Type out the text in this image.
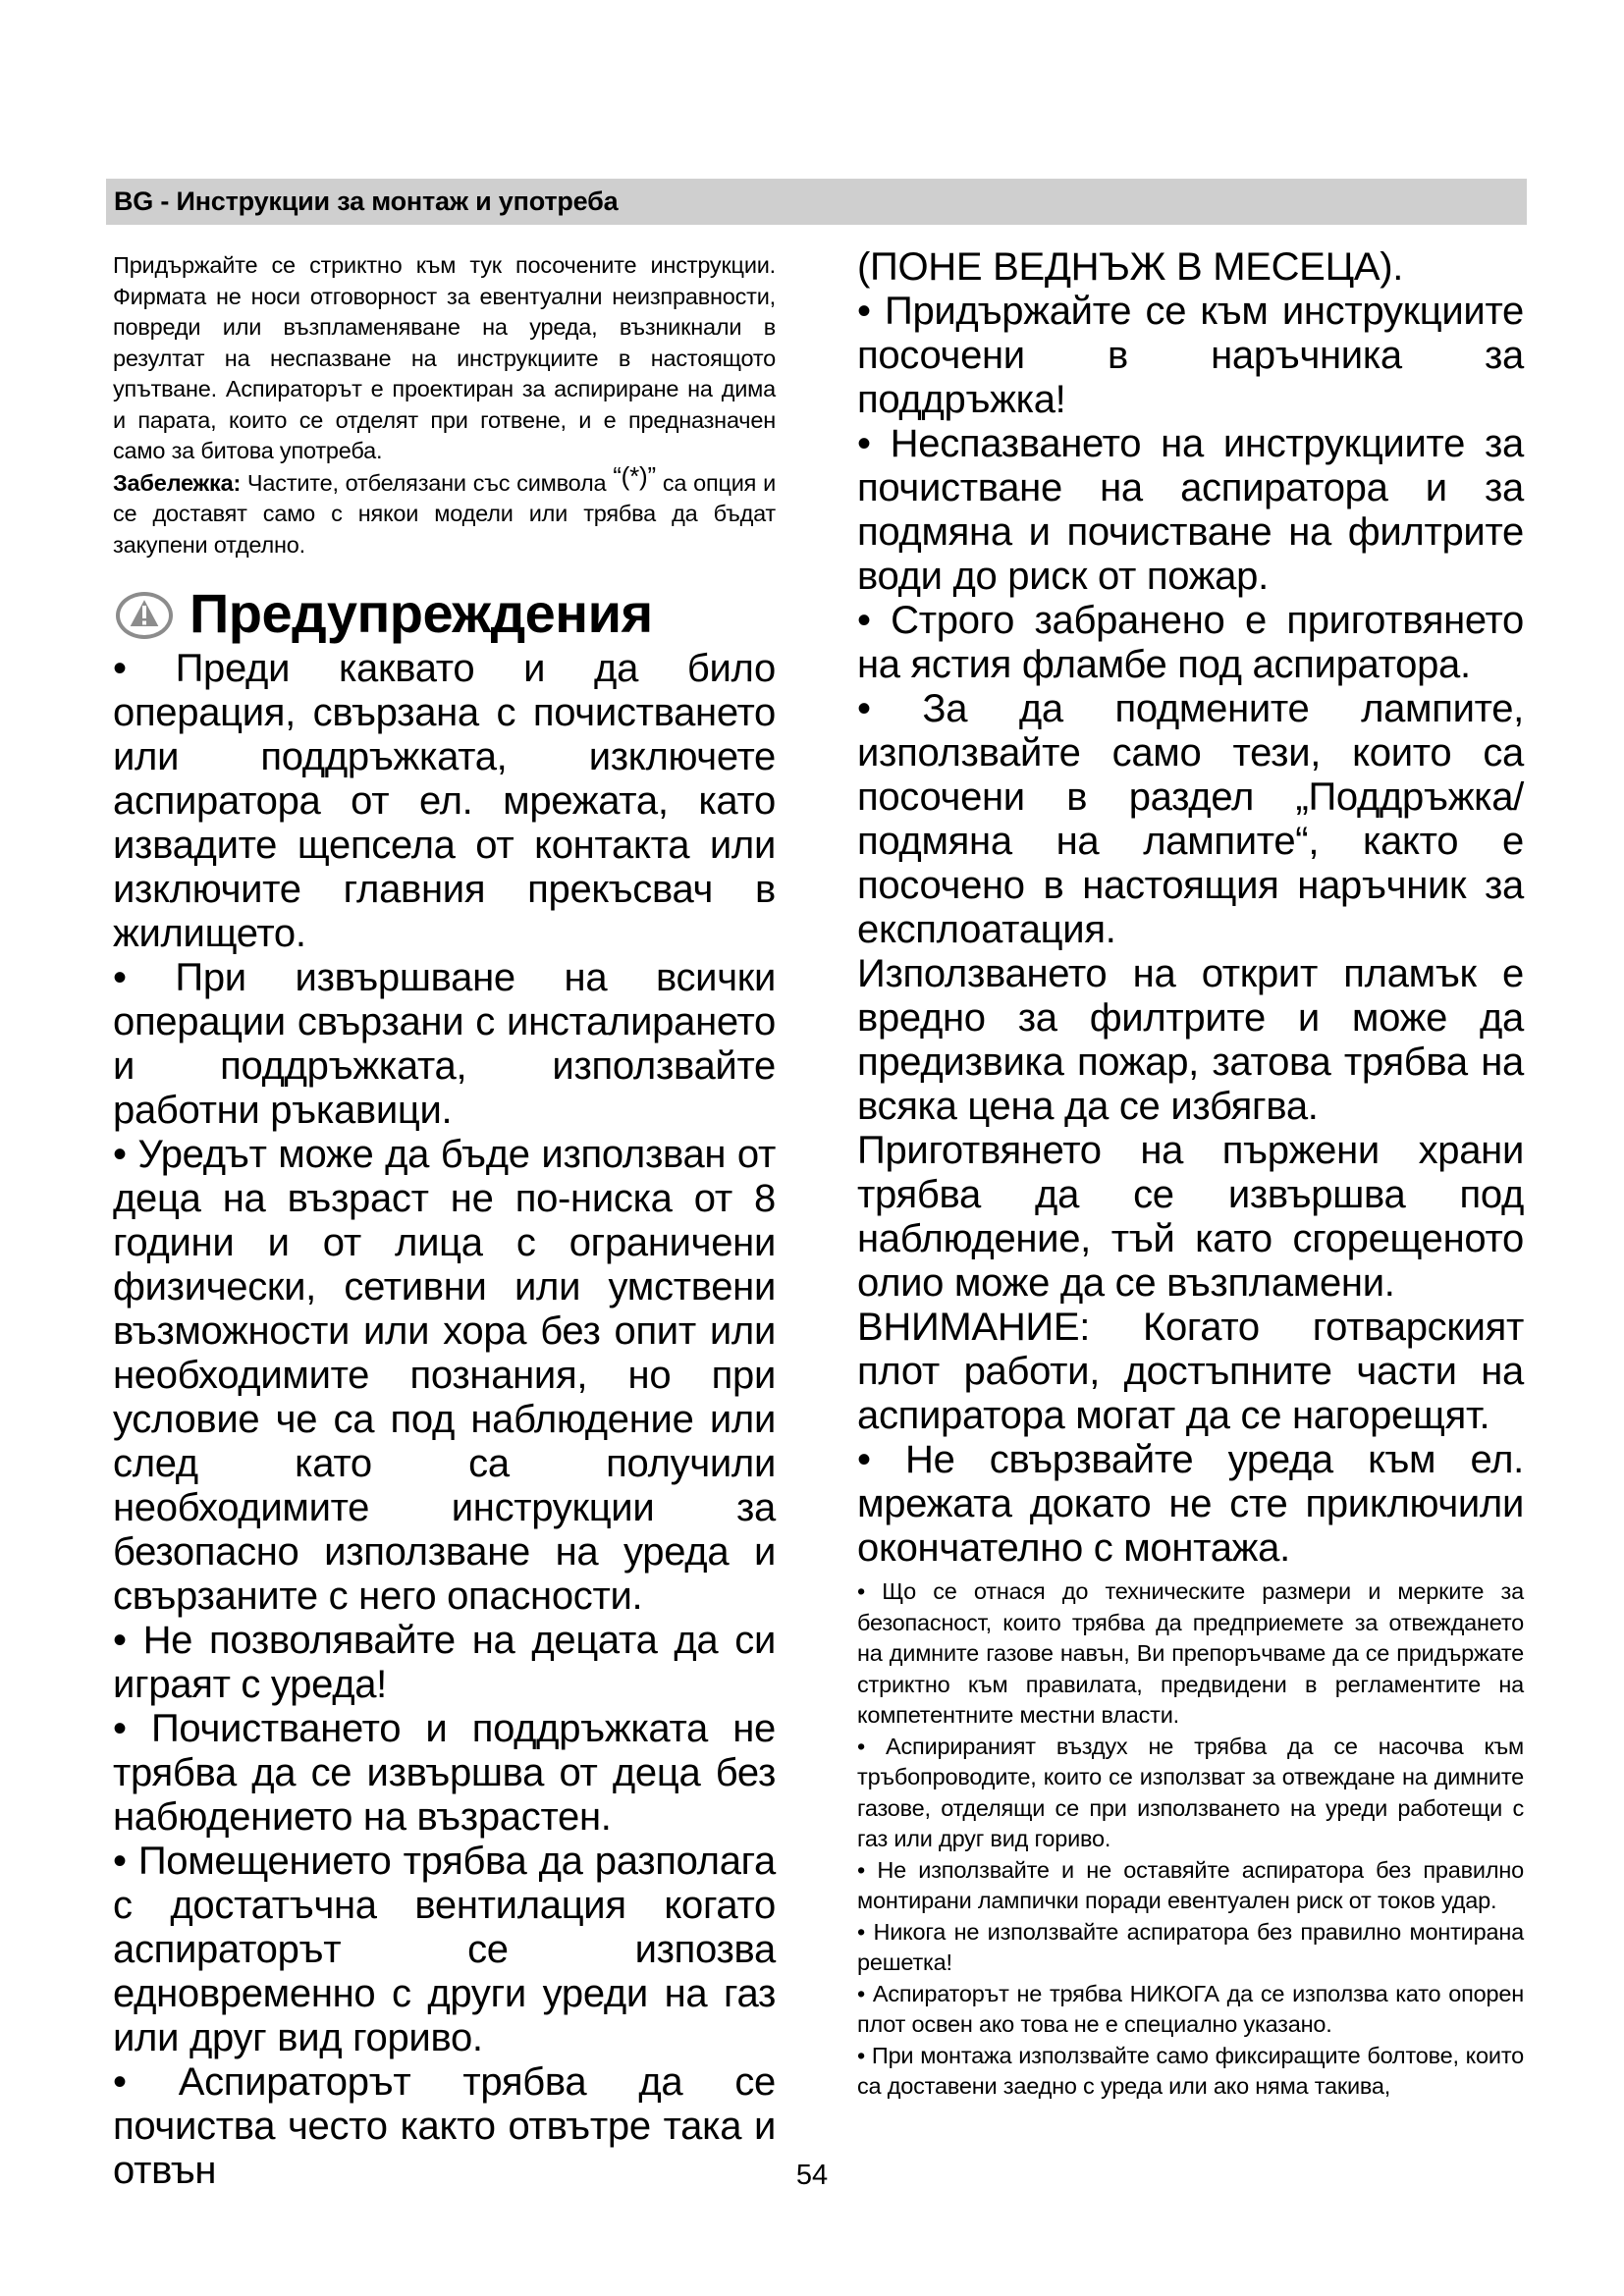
BG - Инструкции за монтаж и употреба

Придържайте се стриктно към тук посочените инструкции. Фирмата не носи отговорност за евентуални неизправности, повреди или възпламеняване на уреда, възникнали в резултат на неспазване на инструкциите в настоящото упътване. Аспираторът е проектиран за аспириране на дима и парата, които се отделят при готвене, и е предназначен само за битова употреба.

Забележка: Частите, отбелязани със символа “(*)” са опция и се доставят само с някои модели или трябва да бъдат закупени отделно.

Предупреждения

• Преди каквато и да било операция, свързана с почистването или поддръжката, изключете аспиратора от ел. мрежата, като извадите щепсела от контакта или изключите главния прекъсвач в жилището.

• При извършване на всички операции свързани с инсталирането и поддръжката, използвайте работни ръкавици.

• Уредът може да бъде използван от деца на възраст не по-ниска от 8 години и от лица с ограничени физически, сетивни или умствени възможности или хора без опит или необходимите познания, но при условие че са под наблюдение или след като са получили необходимите инструкции за безопасно използване на уреда и свързаните с него опасности.

• Не позволявайте на децата да си играят с уреда!

• Почистването и поддръжката не трябва да се извършва от деца без набюдението на възрастен.

• Помещението трябва да разполага с достатъчна вентилация когато аспираторът се изпозва едновременно с други уреди на газ или друг вид гориво.

• Аспираторът трябва да се почиства често както отвътре така и отвън

(ПОНЕ ВЕДНЪЖ В МЕСЕЦА).

• Придържайте се към инструкциите посочени в наръчника за поддръжка!

• Неспазването на инструкциите за почистване на аспиратора и за подмяна и почистване на филтрите води до риск от пожар.

• Строго забранено е приготвянето на ястия фламбе под аспиратора.

• За да подмените лампите, използвайте само тези, които са посочени в раздел „Поддръжка/подмяна на лампите“, както е посочено в настоящия наръчник за експлоатация.

Използването на открит пламък е вредно за филтрите и може да предизвика пожар, затова трябва на всяка цена да се избягва.

Приготвянето на пържени храни трябва да се извършва под наблюдение, тъй като сгорещеното олио може да се възпламени.

ВНИМАНИЕ: Когато готварският плот работи, достъпните части на аспиратора могат да се нагорещят.

• Не свързвайте уреда към ел. мрежата докато не сте приключили окончателно с монтажа.

• Що се отнася до техническите размери и мерките за безопасност, които трябва да предприемете за отвеждането на димните газове навън, Ви препоръчваме да се придържате стриктно към правилата, предвидени в регламентите на компетентните местни власти.

• Аспирираният въздух не трябва да се насочва към тръбопроводите, които се използват за отвеждане на димните газове, отделящи се при използването на уреди работещи с газ или друг вид гориво.

• Не използвайте и не оставяйте аспиратора без правилно монтирани лампички поради евентуален риск от токов удар.

• Никога не използвайте аспиратора без правилно монтирана решетка!

• Аспираторът не трябва НИКОГА да се използва като опорен плот освен ако това не е специално указано.

• При монтажа използвайте само фиксиращите болтове, които са доставени заедно с уреда или ако няма такива,

54
